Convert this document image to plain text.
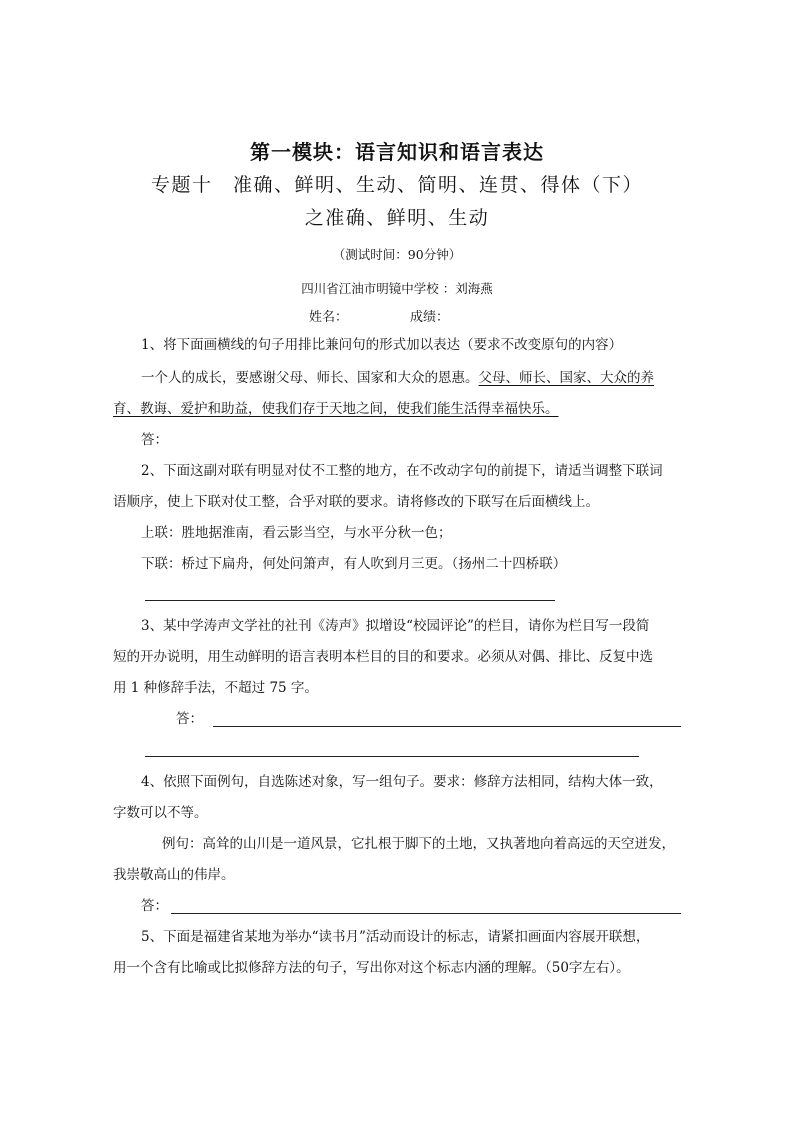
第一模块：语言知识和语言表达
专题十　准确、鲜明、生动、简明、连贯、得体（下）
之准确、鲜明、生动
（测试时间：90分钟）
四川省江油市明镜中学校 ：刘海燕
姓名：	成绩：
1、将下面画横线的句子用排比兼问句的形式加以表达（要求不改变原句的内容）
一个人的成长，要感谢父母、师长、国家和大众的恩惠。父母、师长、国家、大众的养
育、教诲、爱护和助益，使我们存于天地之间，使我们能生活得幸福快乐。
答：
2、下面这副对联有明显对仗不工整的地方，在不改动字句的前提下，请适当调整下联词
语顺序，使上下联对仗工整，合乎对联的要求。请将修改的下联写在后面横线上。
上联：胜地据淮南，看云影当空，与水平分秋一色；
下联：桥过下扁舟，何处问箫声，有人吹到月三更。（扬州二十四桥联）
3、某中学涛声文学社的社刊《涛声》拟增设“校园评论”的栏目，请你为栏目写一段简
短的开办说明，用生动鲜明的语言表明本栏目的目的和要求。必须从对偶、排比、反复中选
用 1 种修辞手法，不超过 75 字。
答：
4、依照下面例句，自选陈述对象，写一组句子。要求：修辞方法相同，结构大体一致，
字数可以不等。
例句：高耸的山川是一道风景，它扎根于脚下的土地，又执著地向着高远的天空迸发，
我崇敬高山的伟岸。
答：
5、下面是福建省某地为举办“读书月”活动而设计的标志，请紧扣画面内容展开联想，
用一个含有比喻或比拟修辞方法的句子，写出你对这个标志内涵的理解。（50字左右）。
